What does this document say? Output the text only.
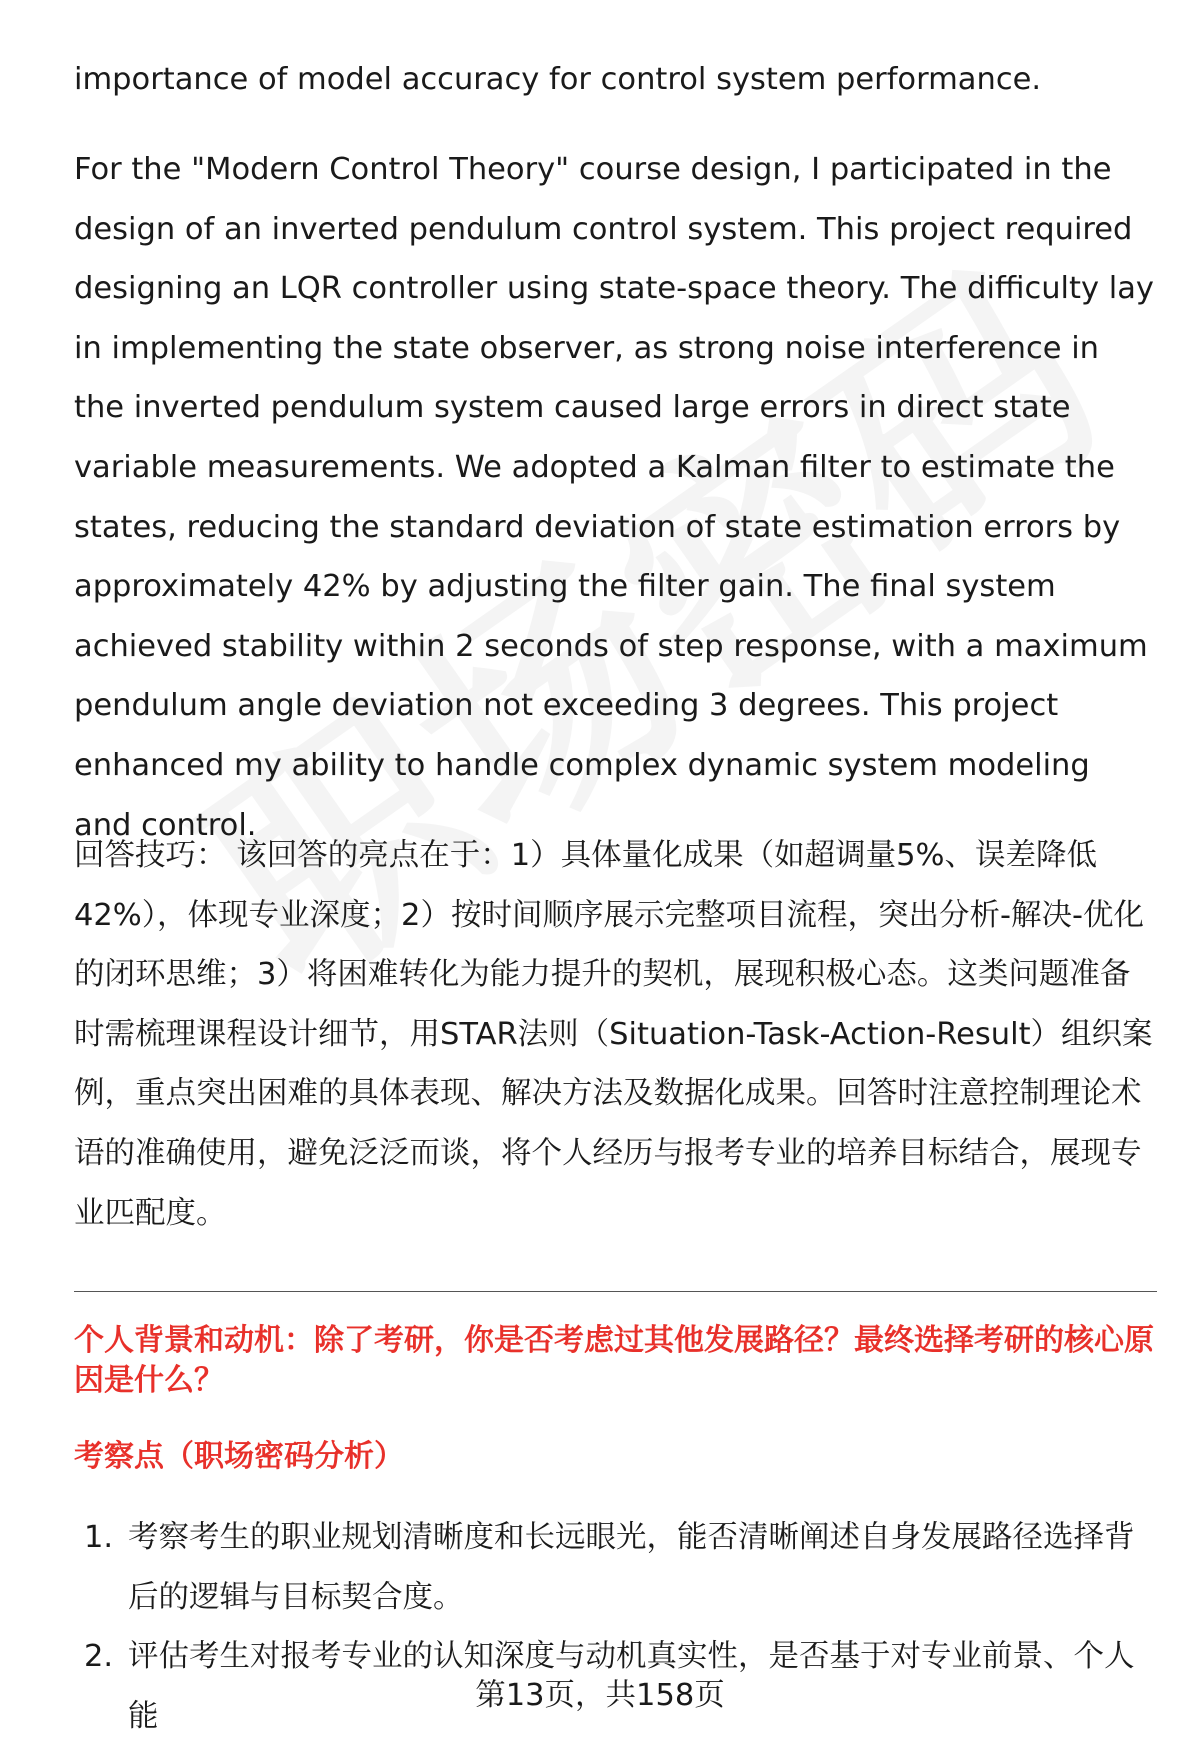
importance of model accuracy for control system performance.

For the "Modern Control Theory" course design, I participated in the design of an inverted pendulum control system. This project required designing an LQR controller using state-space theory. The difficulty lay in implementing the state observer, as strong noise interference in the inverted pendulum system caused large errors in direct state variable measurements. We adopted a Kalman filter to estimate the states, reducing the standard deviation of state estimation errors by approximately 42% by adjusting the filter gain. The final system achieved stability within 2 seconds of step response, with a maximum pendulum angle deviation not exceeding 3 degrees. This project enhanced my ability to handle complex dynamic system modeling and control.

回答技巧： 该回答的亮点在于：1）具体量化成果（如超调量5%、误差降低42%），体现专业深度；2）按时间顺序展示完整项目流程，突出分析-解决-优化的闭环思维；3）将困难转化为能力提升的契机，展现积极心态。这类问题准备时需梳理课程设计细节，用STAR法则（Situation-Task-Action-Result）组织案例，重点突出困难的具体表现、解决方法及数据化成果。回答时注意控制理论术语的准确使用，避免泛泛而谈，将个人经历与报考专业的培养目标结合，展现专业匹配度。

个人背景和动机：除了考研，你是否考虑过其他发展路径？最终选择考研的核心原因是什么？
考察点（职场密码分析）
1. 考察考生的职业规划清晰度和长远眼光，能否清晰阐述自身发展路径选择背后的逻辑与目标契合度。
2. 评估考生对报考专业的认知深度与动机真实性，是否基于对专业前景、个人能
第13页，共158页
